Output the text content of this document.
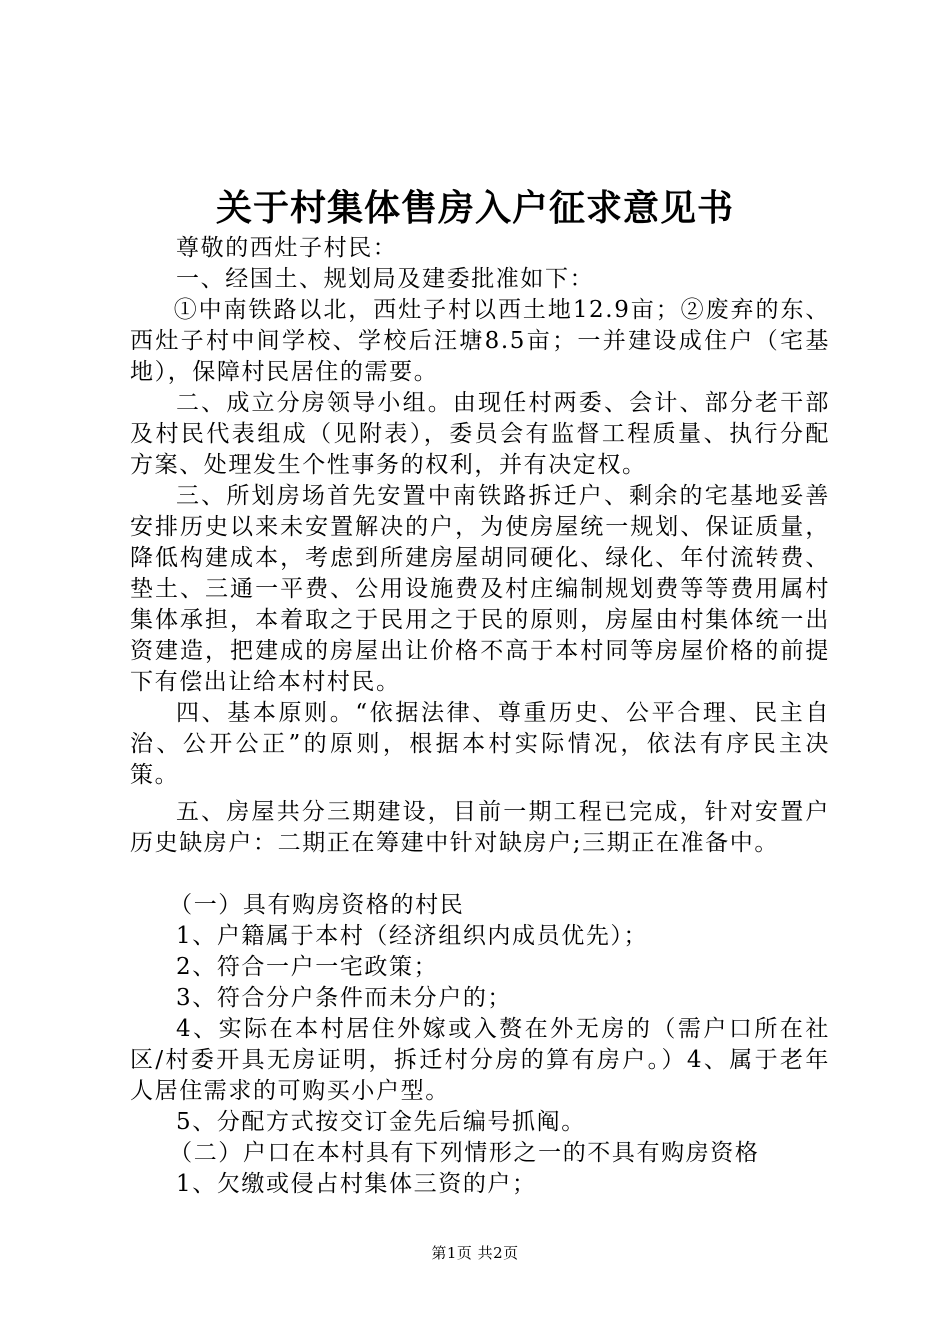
关于村集体售房入户征求意见书

尊敬的西灶子村民：

一、经国土、规划局及建委批准如下：

①中南铁路以北，西灶子村以西土地12.9亩；②废弃的东、西灶子村中间学校、学校后汪塘8.5亩；一并建设成住户（宅基地），保障村民居住的需要。

二、成立分房领导小组。由现任村两委、会计、部分老干部及村民代表组成（见附表），委员会有监督工程质量、执行分配方案、处理发生个性事务的权利，并有决定权。

三、所划房场首先安置中南铁路拆迁户、剩余的宅基地妥善安排历史以来未安置解决的户，为使房屋统一规划、保证质量，降低构建成本，考虑到所建房屋胡同硬化、绿化、年付流转费、垫土、三通一平费、公用设施费及村庄编制规划费等等费用属村集体承担，本着取之于民用之于民的原则，房屋由村集体统一出资建造，把建成的房屋出让价格不高于本村同等房屋价格的前提下有偿出让给本村村民。

四、基本原则。“依据法律、尊重历史、公平合理、民主自治、公开公正”的原则，根据本村实际情况，依法有序民主决策。

五、房屋共分三期建设，目前一期工程已完成，针对安置户历史缺房户：二期正在筹建中针对缺房户;三期正在准备中。

（一）具有购房资格的村民

1、户籍属于本村（经济组织内成员优先）；

2、符合一户一宅政策；

3、符合分户条件而未分户的；

4、实际在本村居住外嫁或入赘在外无房的（需户口所在社区/村委开具无房证明，拆迁村分房的算有房户。）4、属于老年人居住需求的可购买小户型。

5、分配方式按交订金先后编号抓阄。

（二）户口在本村具有下列情形之一的不具有购房资格

1、欠缴或侵占村集体三资的户；

第1页 共2页
